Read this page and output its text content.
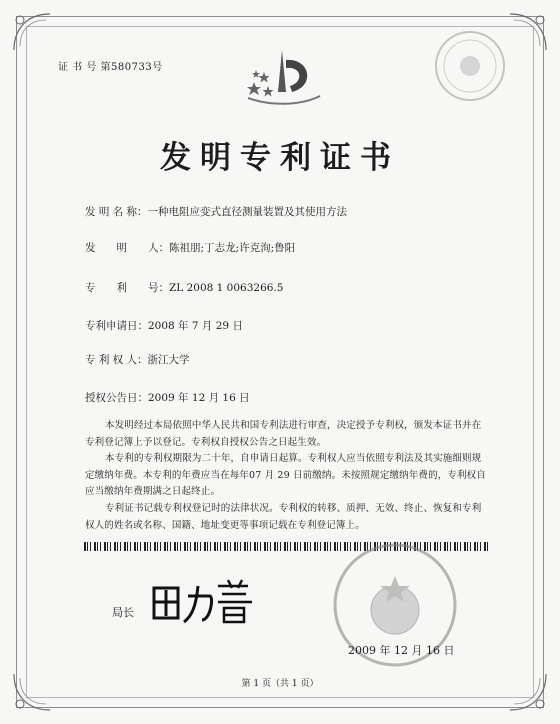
证 书 号 第580733号
发明专利证书
发 明 名 称：一种电阻应变式直径测量装置及其使用方法
发　　明　　人：陈祖朋;丁志龙;许克洵;鲁阳
专　　利　　号：ZL 2008 1 0063266.5
专利申请日：2008 年 7 月 29 日
专 利 权 人：浙江大学
授权公告日：2009 年 12 月 16 日

本发明经过本局依照中华人民共和国专利法进行审查，决定授予专利权，颁发本证书并在专利登记簿上予以登记。专利权自授权公告之日起生效。

本专利的专利权期限为二十年，自申请日起算。专利权人应当依照专利法及其实施细则规定缴纳年费。本专利的年费应当在每年07 月 29 日前缴纳。未按照规定缴纳年费的，专利权自应当缴纳年费期满之日起终止。

专利证书记载专利权登记时的法律状况。专利权的转移、质押、无效、终止、恢复和专利权人的姓名或名称、国籍、地址变更等事项记载在专利登记簿上。

局长
2009 年 12 月 16 日
第 1 页（共 1 页）
